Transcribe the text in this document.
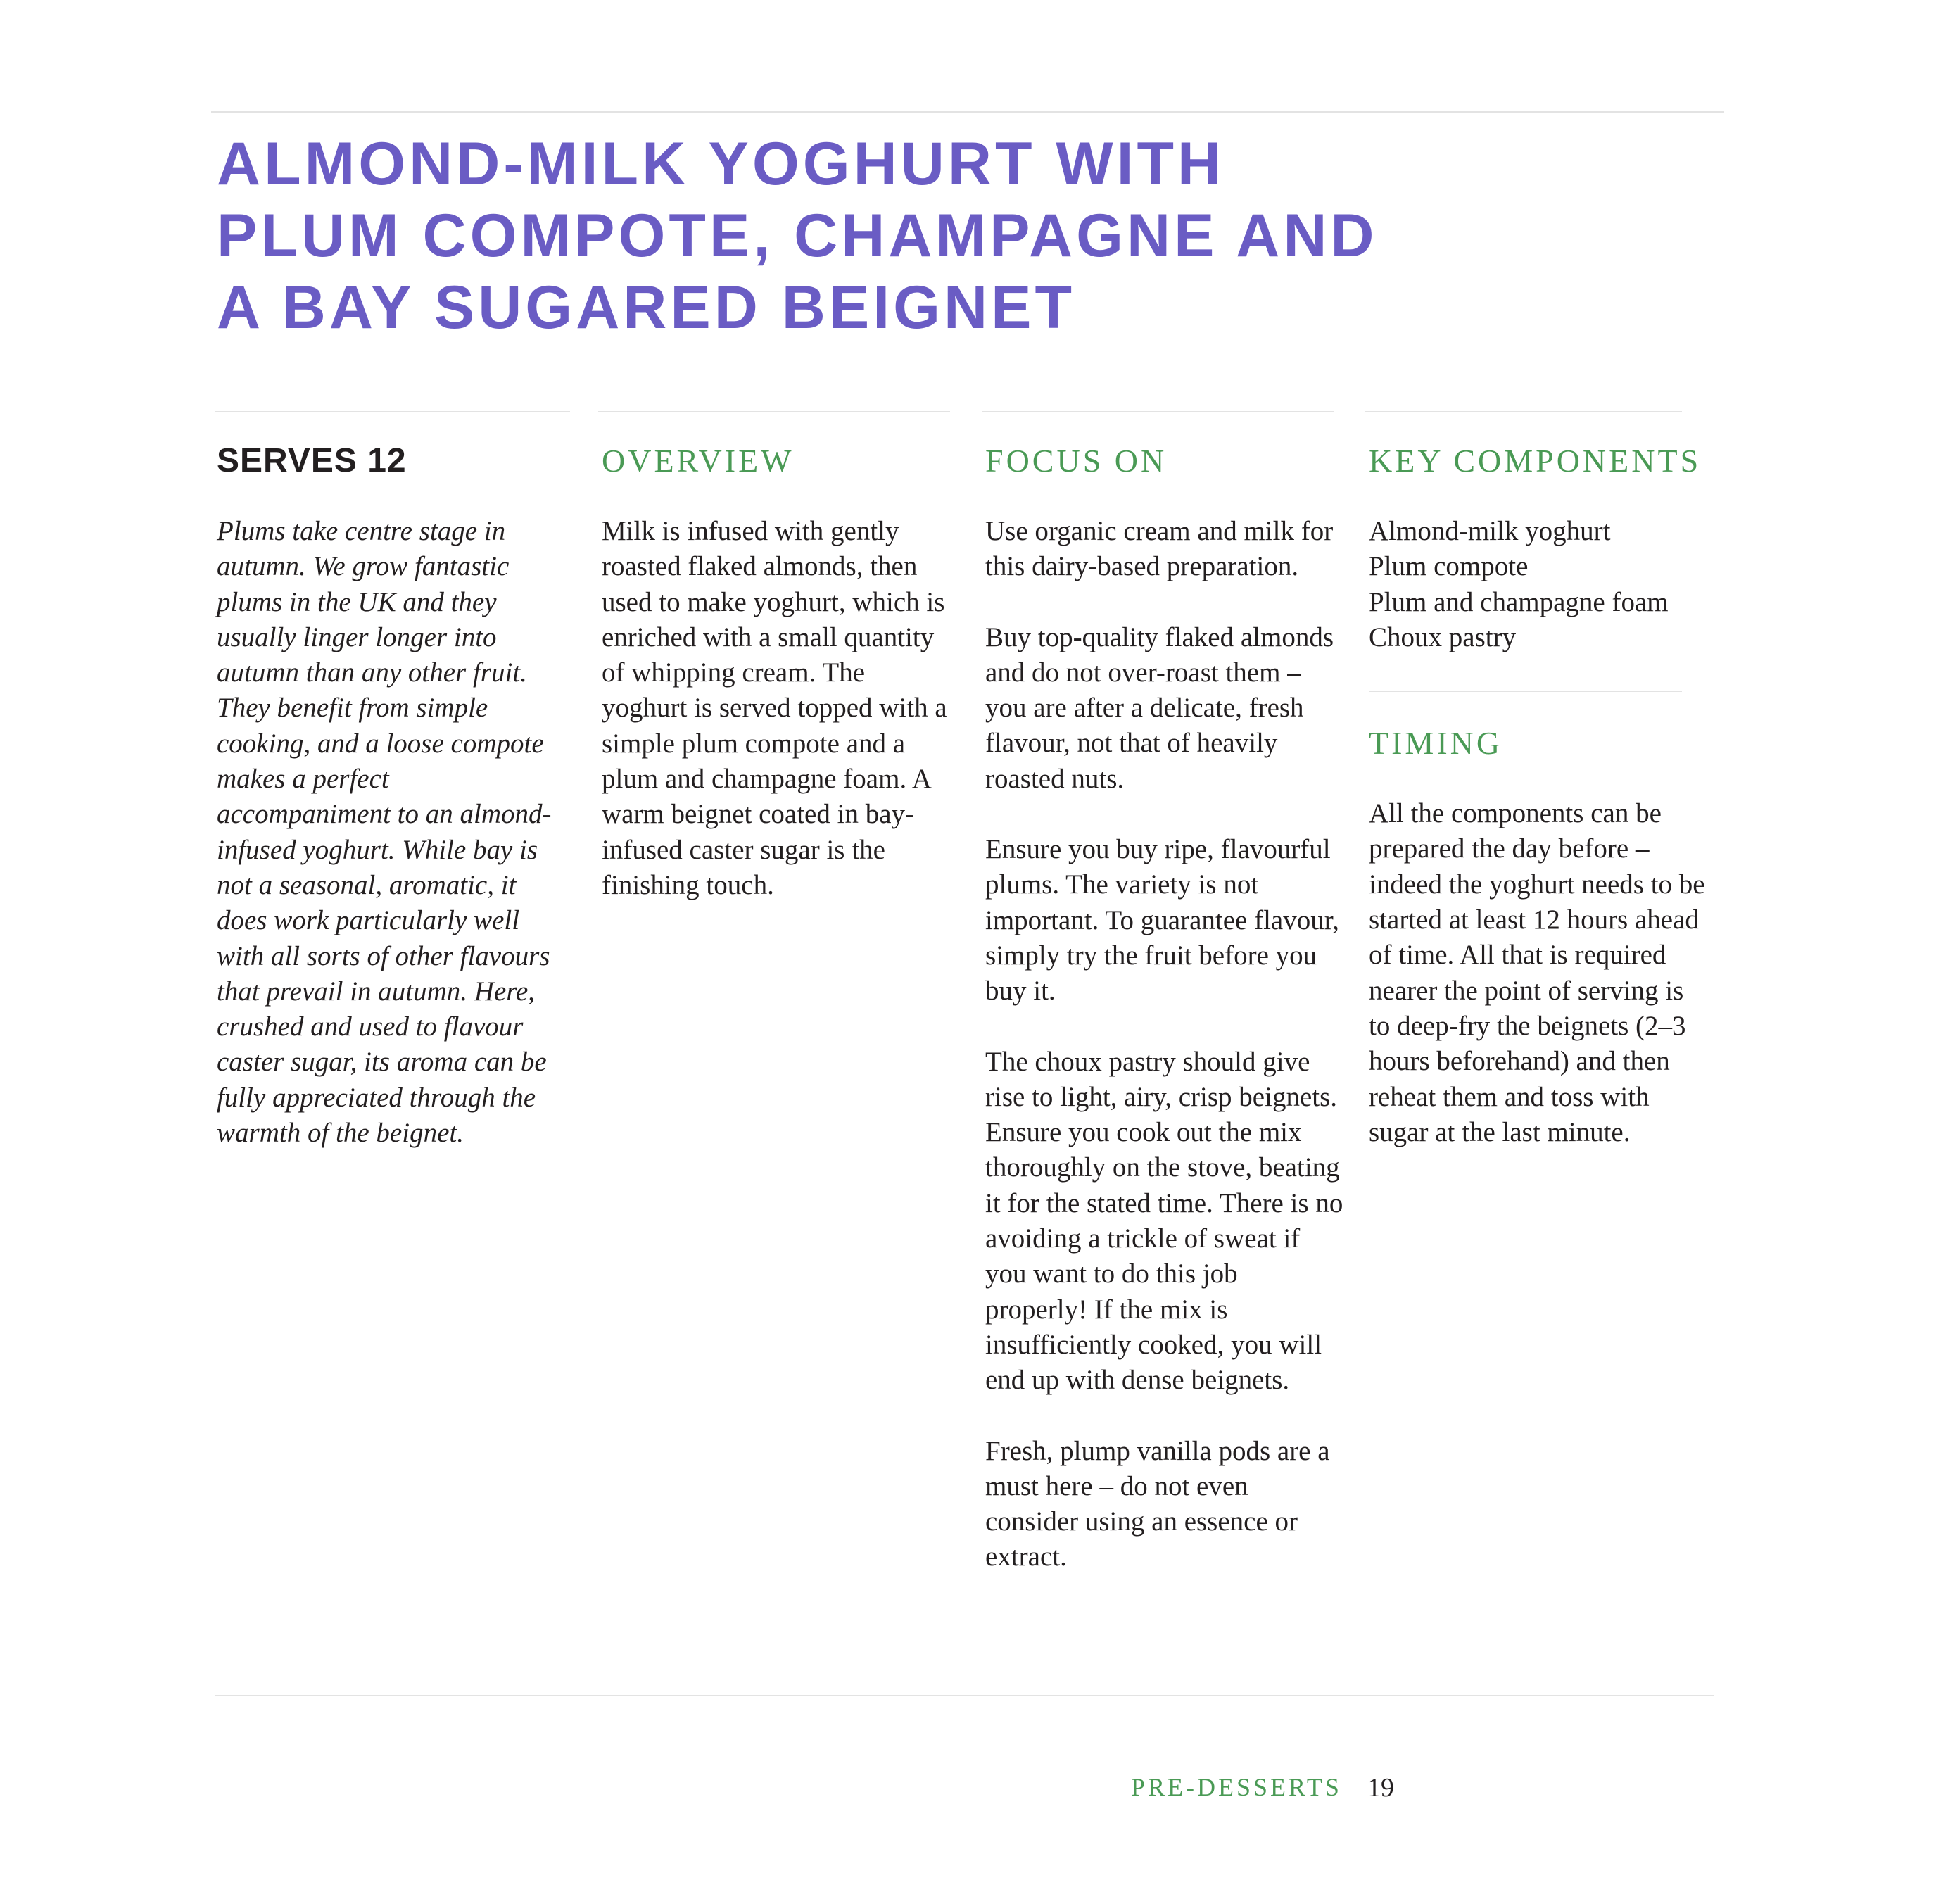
ALMOND-MILK YOGHURT WITH
PLUM COMPOTE, CHAMPAGNE AND
A BAY SUGARED BEIGNET
SERVES 12

Plums take centre stage in autumn. We grow fantastic plums in the UK and they usually linger longer into autumn than any other fruit. They benefit from simple cooking, and a loose compote makes a perfect accompaniment to an almond-infused yoghurt. While bay is not a seasonal, aromatic, it does work particularly well with all sorts of other flavours that prevail in autumn. Here, crushed and used to flavour caster sugar, its aroma can be fully appreciated through the warmth of the beignet.

OVERVIEW

Milk is infused with gently roasted flaked almonds, then used to make yoghurt, which is enriched with a small quantity of whipping cream. The yoghurt is served topped with a simple plum compote and a plum and champagne foam. A warm beignet coated in bay-infused caster sugar is the finishing touch.

FOCUS ON

Use organic cream and milk for this dairy-based preparation.

Buy top-quality flaked almonds and do not over-roast them – you are after a delicate, fresh flavour, not that of heavily roasted nuts.

Ensure you buy ripe, flavourful plums. The variety is not important. To guarantee flavour, simply try the fruit before you buy it.

The choux pastry should give rise to light, airy, crisp beignets. Ensure you cook out the mix thoroughly on the stove, beating it for the stated time. There is no avoiding a trickle of sweat if you want to do this job properly! If the mix is insufficiently cooked, you will end up with dense beignets.

Fresh, plump vanilla pods are a must here – do not even consider using an essence or extract.

KEY COMPONENTS
Almond-milk yoghurt
Plum compote
Plum and champagne foam
Choux pastry
TIMING

All the components can be prepared the day before – indeed the yoghurt needs to be started at least 12 hours ahead of time. All that is required nearer the point of serving is to deep-fry the beignets (2–3 hours beforehand) and then reheat them and toss with sugar at the last minute.

PRE-DESSERTS 19
